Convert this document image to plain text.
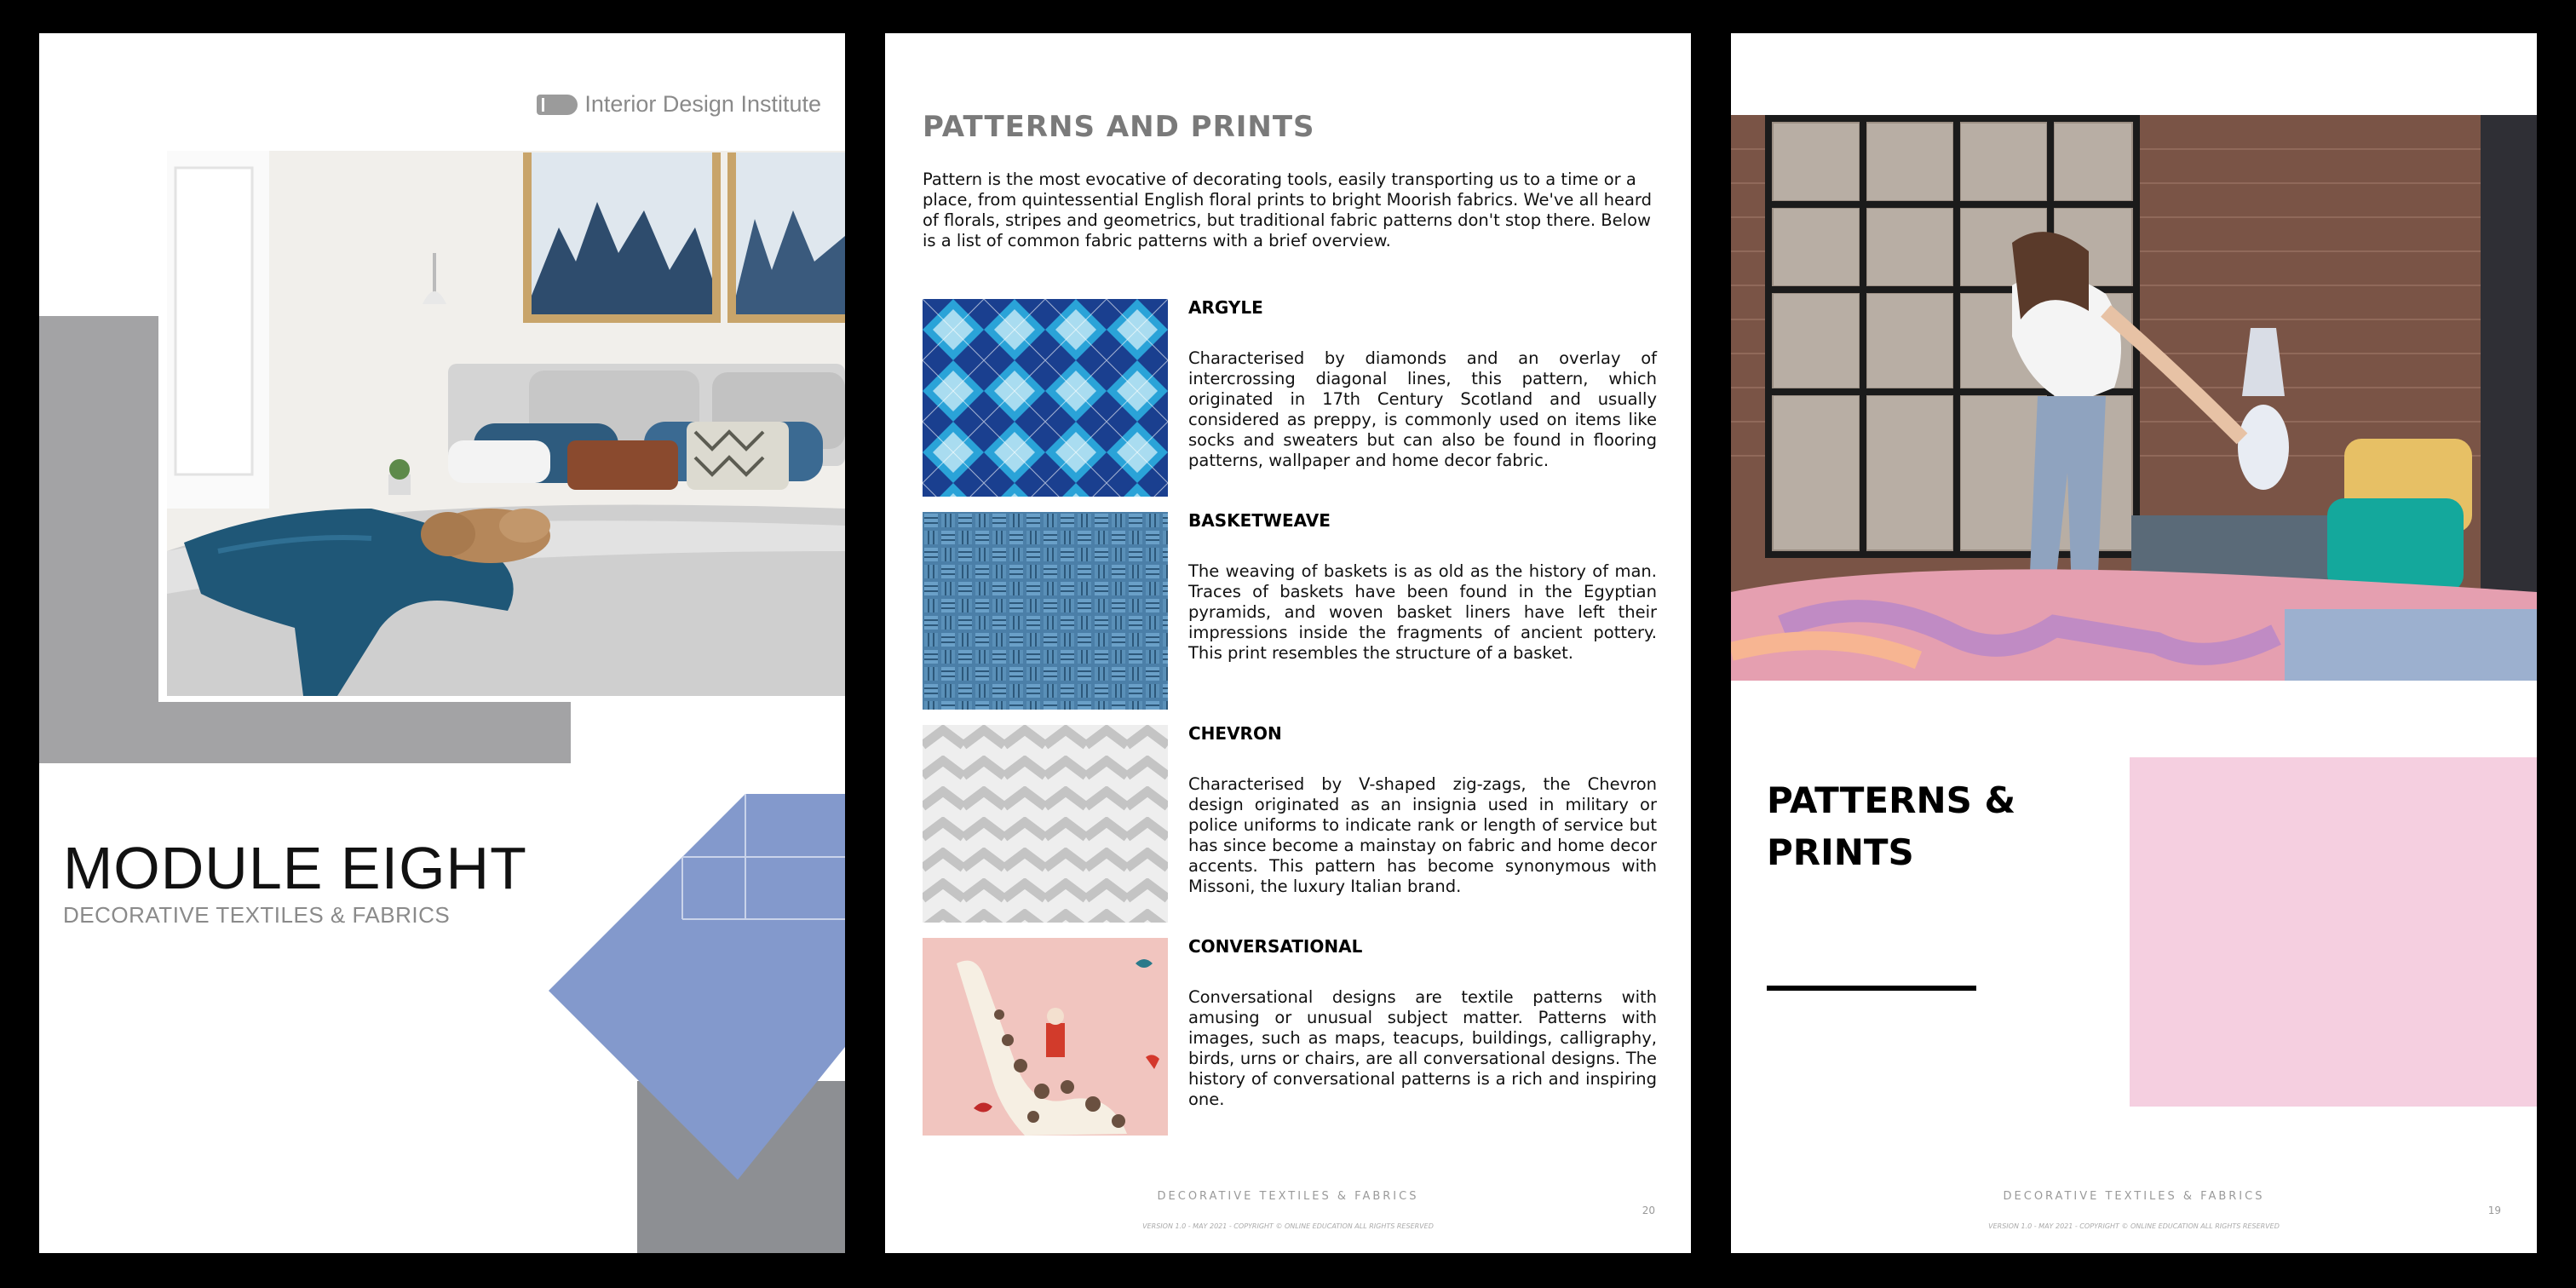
Interior Design Institute
MODULE EIGHT
DECORATIVE TEXTILES & FABRICS
PATTERNS AND PRINTS
Pattern is the most evocative of decorating tools, easily transporting us to a time or a place, from quintessential English floral prints to bright Moorish fabrics. We've all heard of florals, stripes and geometrics, but traditional fabric patterns don't stop there. Below is a list of common fabric patterns with a brief overview.
ARGYLE
Characterised by diamonds and an overlay of intercrossing diagonal lines, this pattern, which originated in 17th Century Scotland and usually considered as preppy, is commonly used on items like socks and sweaters but can also be found in flooring patterns, wallpaper and home decor fabric.
BASKETWEAVE
The weaving of baskets is as old as the history of man. Traces of baskets have been found in the Egyptian pyramids, and woven basket liners have left their impressions inside the fragments of ancient pottery. This print resembles the structure of a basket.
CHEVRON
Characterised by V-shaped zig-zags, the Chevron design originated as an insignia used in military or police uniforms to indicate rank or length of service but has since become a mainstay on fabric and home decor accents. This pattern has become synonymous with Missoni, the luxury Italian brand.
CONVERSATIONAL
Conversational designs are textile patterns with amusing or unusual subject matter. Patterns with images, such as maps, teacups, buildings, calligraphy, birds, urns or chairs, are all conversational designs. The history of conversational patterns is a rich and inspiring one.
DECORATIVE TEXTILES & FABRICS
VERSION 1.0 - MAY 2021 - COPYRIGHT © ONLINE EDUCATION ALL RIGHTS RESERVED
20
PATTERNS &
PRINTS
DECORATIVE TEXTILES & FABRICS
VERSION 1.0 - MAY 2021 - COPYRIGHT © ONLINE EDUCATION ALL RIGHTS RESERVED
19
